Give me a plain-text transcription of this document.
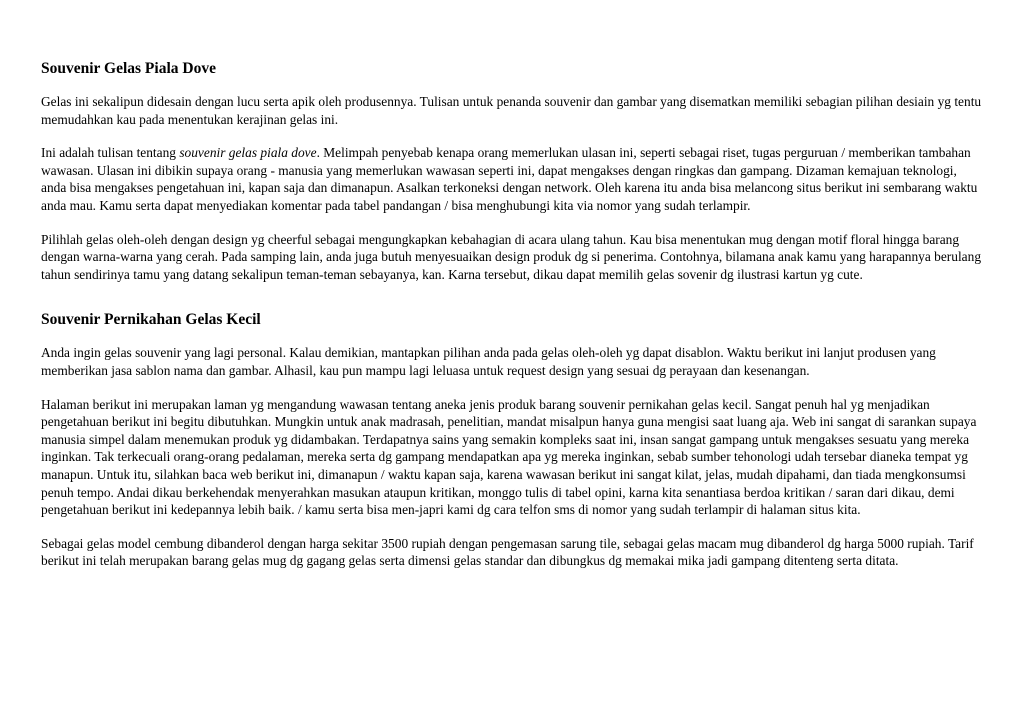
Souvenir Gelas Piala Dove

Gelas ini sekalipun didesain dengan lucu serta apik oleh produsennya. Tulisan untuk penanda souvenir dan gambar yang disematkan memiliki sebagian pilihan desiain yg tentu memudahkan kau pada menentukan kerajinan gelas ini.

Ini adalah tulisan tentang souvenir gelas piala dove. Melimpah penyebab kenapa orang memerlukan ulasan ini, seperti sebagai riset, tugas perguruan / memberikan tambahan wawasan. Ulasan ini dibikin supaya orang - manusia yang memerlukan wawasan seperti ini, dapat mengakses dengan ringkas dan gampang. Dizaman kemajuan teknologi, anda bisa mengakses pengetahuan ini, kapan saja dan dimanapun. Asalkan terkoneksi dengan network. Oleh karena itu anda bisa melancong situs berikut ini sembarang waktu anda mau. Kamu serta dapat menyediakan komentar pada tabel pandangan / bisa menghubungi kita via nomor yang sudah terlampir.

Pilihlah gelas oleh-oleh dengan design yg cheerful sebagai mengungkapkan kebahagian di acara ulang tahun. Kau bisa menentukan mug dengan motif floral hingga barang dengan warna-warna yang cerah. Pada samping lain, anda juga butuh menyesuaikan design produk dg si penerima. Contohnya, bilamana anak kamu yang harapannya berulang tahun sendirinya tamu yang datang sekalipun teman-teman sebayanya, kan. Karna tersebut, dikau dapat memilih gelas sovenir dg ilustrasi kartun yg cute.

Souvenir Pernikahan Gelas Kecil

Anda ingin gelas souvenir yang lagi personal. Kalau demikian, mantapkan pilihan anda pada gelas oleh-oleh yg dapat disablon. Waktu berikut ini lanjut produsen yang memberikan jasa sablon nama dan gambar. Alhasil, kau pun mampu lagi leluasa untuk request design yang sesuai dg perayaan dan kesenangan.

Halaman berikut ini merupakan laman yg mengandung wawasan tentang aneka jenis produk barang souvenir pernikahan gelas kecil. Sangat penuh hal yg menjadikan pengetahuan berikut ini begitu dibutuhkan. Mungkin untuk anak madrasah, penelitian, mandat misalpun hanya guna mengisi saat luang aja. Web ini sangat di sarankan supaya manusia simpel dalam menemukan produk yg didambakan. Terdapatnya sains yang semakin kompleks saat ini, insan sangat gampang untuk mengakses sesuatu yang mereka inginkan. Tak terkecuali orang-orang pedalaman, mereka serta dg gampang mendapatkan apa yg mereka inginkan, sebab sumber tehonologi udah tersebar dianeka tempat yg manapun. Untuk itu, silahkan baca web berikut ini, dimanapun / waktu kapan saja, karena wawasan berikut ini sangat kilat, jelas, mudah dipahami, dan tiada mengkonsumsi penuh tempo. Andai dikau berkehendak menyerahkan masukan ataupun kritikan, monggo tulis di tabel opini, karna kita senantiasa berdoa kritikan / saran dari dikau, demi pengetahuan berikut ini kedepannya lebih baik. / kamu serta bisa men-japri kami dg cara telfon sms di nomor yang sudah terlampir di halaman situs kita.

Sebagai gelas model cembung dibanderol dengan harga sekitar 3500 rupiah dengan pengemasan sarung tile, sebagai gelas macam mug dibanderol dg harga 5000 rupiah. Tarif berikut ini telah merupakan barang gelas mug dg gagang gelas serta dimensi gelas standar dan dibungkus dg memakai mika jadi gampang ditenteng serta ditata.
